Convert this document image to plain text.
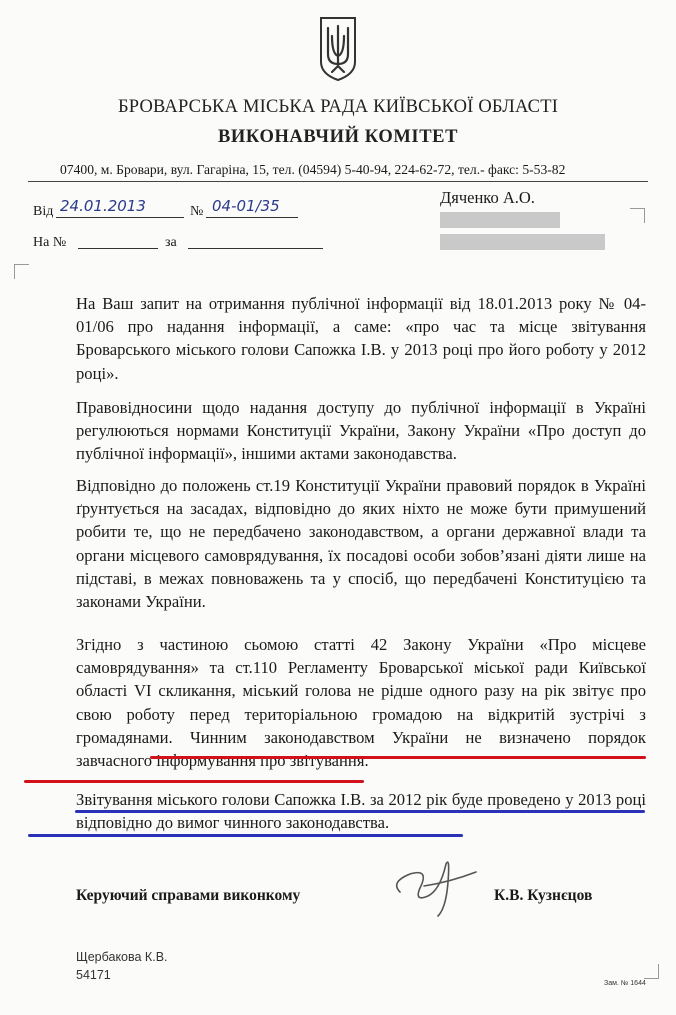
БРОВАРСЬКА МІСЬКА РАДА КИЇВСЬКОЇ ОБЛАСТІ
ВИКОНАВЧИЙ КОМІТЕТ
07400, м. Бровари, вул. Гагаріна, 15, тел. (04594) 5-40-94, 224-62-72, тел.- факс: 5-53-82
Від 24.01.2013	№ 04-01/35
На №	за
Дяченко А.О.

На Ваш запит на отримання публічної інформації від 18.01.2013 року № 04-01/06 про надання інформації, а саме: «про час та місце звітування Броварського міського голови Сапожка І.В. у 2013 році про його роботу у 2012 році».

Правовідносини щодо надання доступу до публічної інформації в Україні регулюються нормами Конституції України, Закону України «Про доступ до публічної інформації», іншими актами законодавства.

Відповідно до положень ст.19 Конституції України правовий порядок в Україні ґрунтується на засадах, відповідно до яких ніхто не може бути примушений робити те, що не передбачено законодавством, а органи державної влади та органи місцевого самоврядування, їх посадові особи зобов’язані діяти лише на підставі, в межах повноважень та у спосіб, що передбачені Конституцією та законами України.

Згідно з частиною сьомою статті 42 Закону України «Про місцеве самоврядування» та ст.110 Регламенту Броварської міської ради Київської області VI скликання, міський голова не рідше одного разу на рік звітує про свою роботу перед територіальною громадою на відкритій зустрічі з громадянами. Чинним законодавством України не визначено порядок завчасного інформування про звітування.

Звітування міського голови Сапожка І.В. за 2012 рік буде проведено у 2013 році відповідно до вимог чинного законодавства.

Керуючий справами виконкому	К.В. Кузнєцов
Щербакова К.В.
54171
Зам. № 1644
